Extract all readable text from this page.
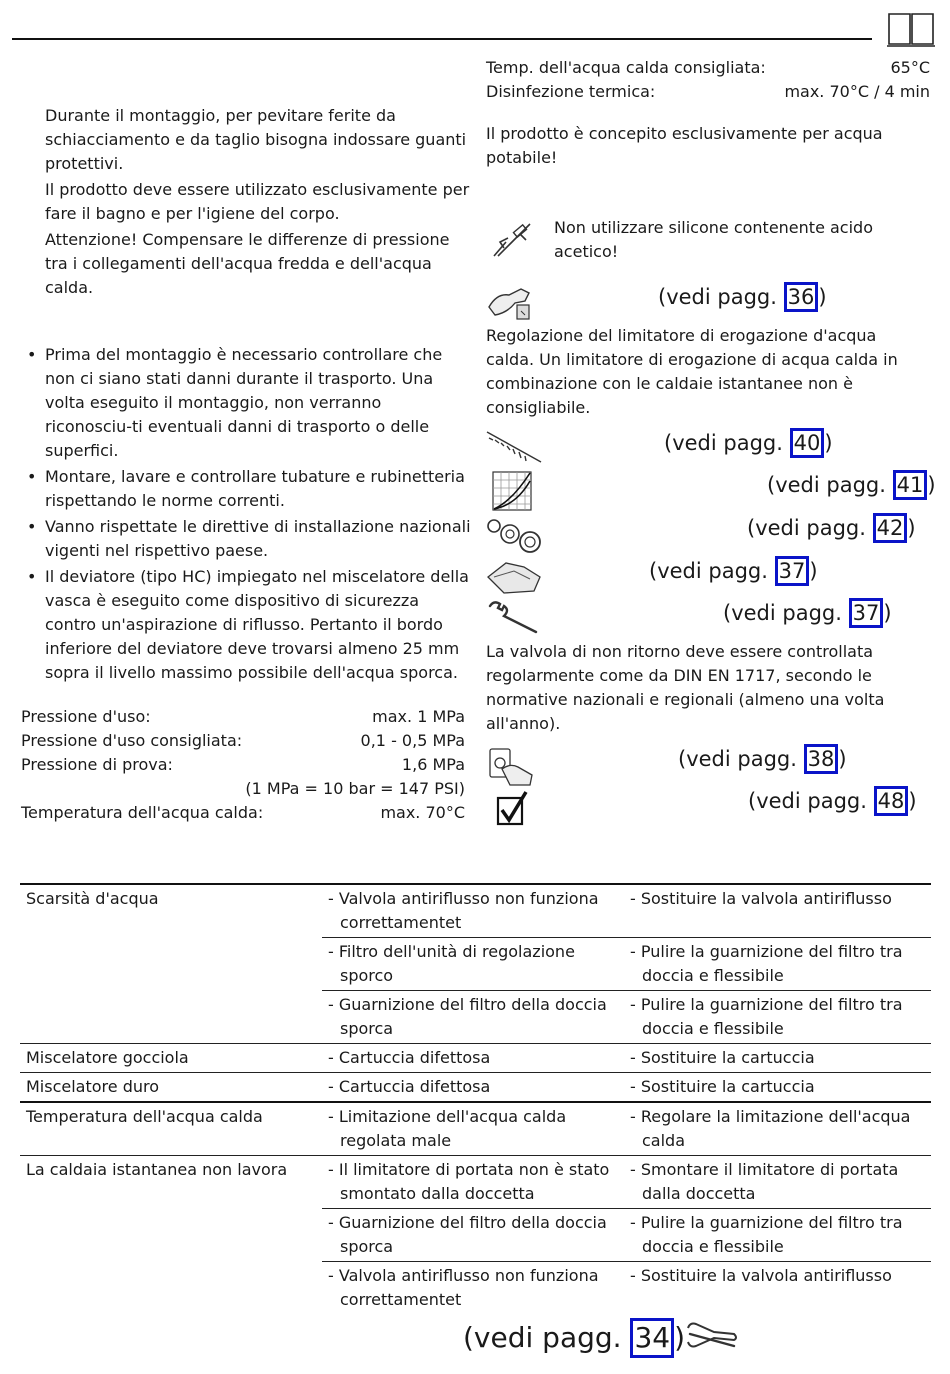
Durante il montaggio, per pevitare ferite da schiacciamento e da taglio bisogna indossare guanti protettivi.

Il prodotto deve essere utilizzato esclusivamente per fare il bagno e per l'igiene del corpo.

Attenzione! Compensare le differenze di pressione tra i collegamenti dell'acqua fredda e dell'acqua calda.

• Prima del montaggio è necessario controllare che non ci siano stati danni durante il trasporto. Una volta eseguito il montaggio, non verranno riconosciu-ti eventuali danni di trasporto o delle superfici.
• Montare, lavare e controllare tubature e rubinetteria rispettando le norme correnti.
• Vanno rispettate le direttive di installazione nazionali vigenti nel rispettivo paese.
• Il deviatore (tipo HC) impiegato nel miscelatore della vasca è eseguito come dispositivo di sicurezza contro un'aspirazione di riflusso. Pertanto il bordo inferiore del deviatore deve trovarsi almeno 25 mm sopra il livello massimo possibile dell'acqua sporca.
Pressione d'uso:	max. 1 MPa
Pressione d'uso consigliata:	0,1 - 0,5 MPa
Pressione di prova:	1,6 MPa
(1 MPa = 10 bar = 147 PSI)
Temperatura dell'acqua calda:	max. 70°C
Temp. dell'acqua calda consigliata:	65°C
Disinfezione termica:	max. 70°C / 4 min

Il prodotto è concepito esclusivamente per acqua potabile!

Non utilizzare silicone contenente acido acetico!

(vedi pagg. 36 )

Regolazione del limitatore di erogazione d'acqua calda. Un limitatore di erogazione di acqua calda in combinazione con le caldaie istantanee non è consigliabile.

(vedi pagg. 40 )
(vedi pagg. 41 )
(vedi pagg. 42 )
(vedi pagg. 37 )
(vedi pagg. 37 )

La valvola di non ritorno deve essere controllata regolarmente come da DIN EN 1717, secondo le normative nazionali e regionali (almeno una volta all'anno).

(vedi pagg. 38 )
(vedi pagg. 48 )
Scarsità d'acqua	- Valvola antiriflusso non funziona correttamentet	- Sostituire la valvola antiriflusso

	- Filtro dell'unità di regolazione sporco	- Pulire la guarnizione del filtro tra doccia e flessibile

	- Guarnizione del filtro della doccia sporca	- Pulire la guarnizione del filtro tra doccia e flessibile

Miscelatore gocciola	- Cartuccia difettosa	- Sostituire la cartuccia

Miscelatore duro	- Cartuccia difettosa	- Sostituire la cartuccia

Temperatura dell'acqua calda	- Limitazione dell'acqua calda regolata male	- Regolare la limitazione dell'acqua calda

La caldaia istantanea non lavora	- Il limitatore di portata non è stato smontato dalla doccetta	- Smontare il limitatore di portata dalla doccetta

	- Guarnizione del filtro della doccia sporca	- Pulire la guarnizione del filtro tra doccia e flessibile

	- Valvola antiriflusso non funziona correttamentet	- Sostituire la valvola antiriflusso
(vedi pagg. 34 )
